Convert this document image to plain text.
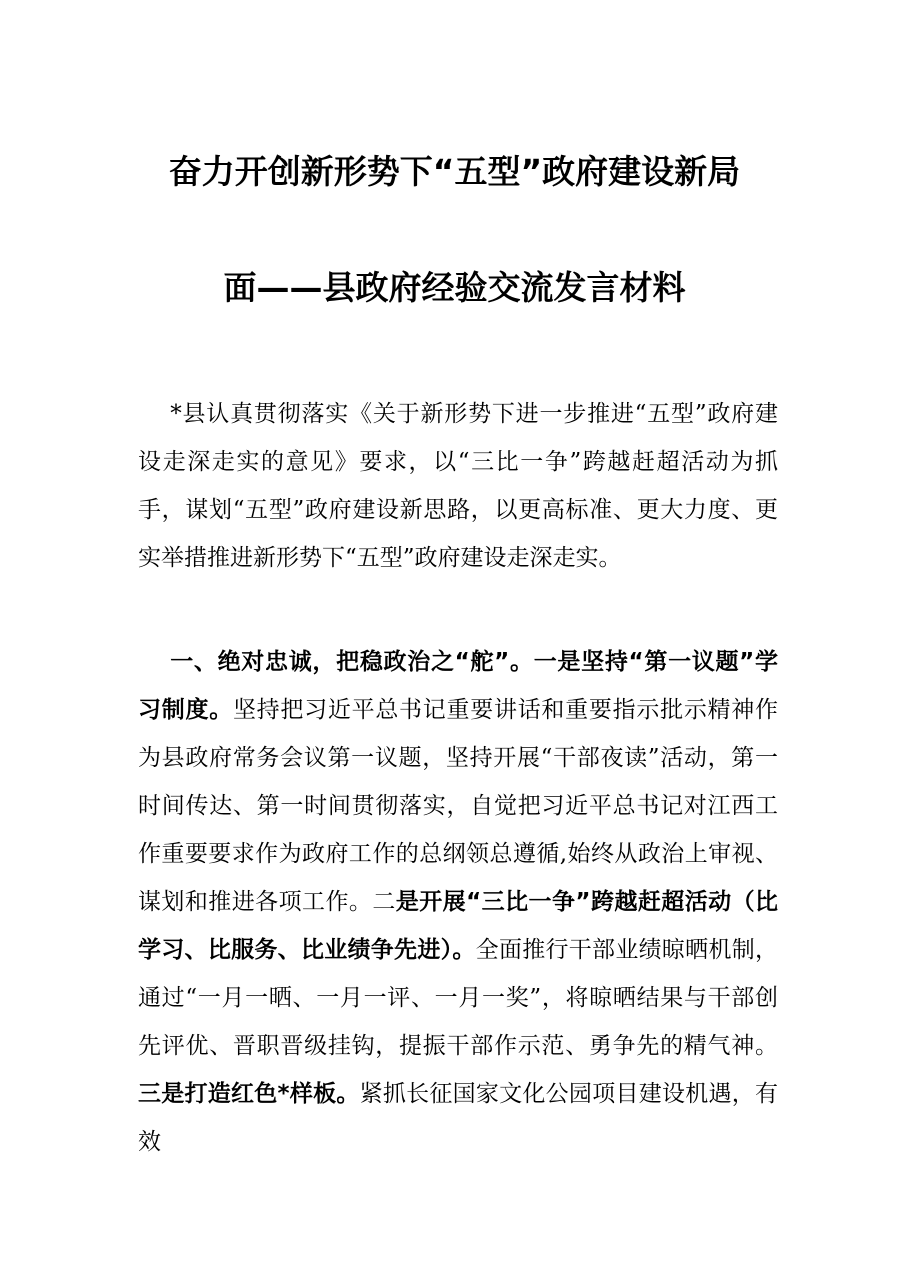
奋力开创新形势下“五型”政府建设新局
面——县政府经验交流发言材料

*县认真贯彻落实《关于新形势下进一步推进“五型”政府建设走深走实的意见》要求，以“三比一争”跨越赶超活动为抓手，谋划“五型”政府建设新思路，以更高标准、更大力度、更实举措推进新形势下“五型”政府建设走深走实。

一、绝对忠诚，把稳政治之“舵”。一是坚持“第一议题”学习制度。坚持把习近平总书记重要讲话和重要指示批示精神作为县政府常务会议第一议题，坚持开展“干部夜读”活动，第一时间传达、第一时间贯彻落实，自觉把习近平总书记对江西工作重要要求作为政府工作的总纲领总遵循,始终从政治上审视、谋划和推进各项工作。二是开展“三比一争”跨越赶超活动（比学习、比服务、比业绩争先进）。全面推行干部业绩晾晒机制，通过“一月一晒、一月一评、一月一奖”，将晾晒结果与干部创先评优、晋职晋级挂钩，提振干部作示范、勇争先的精气神。三是打造红色*样板。紧抓长征国家文化公园项目建设机遇，有效
